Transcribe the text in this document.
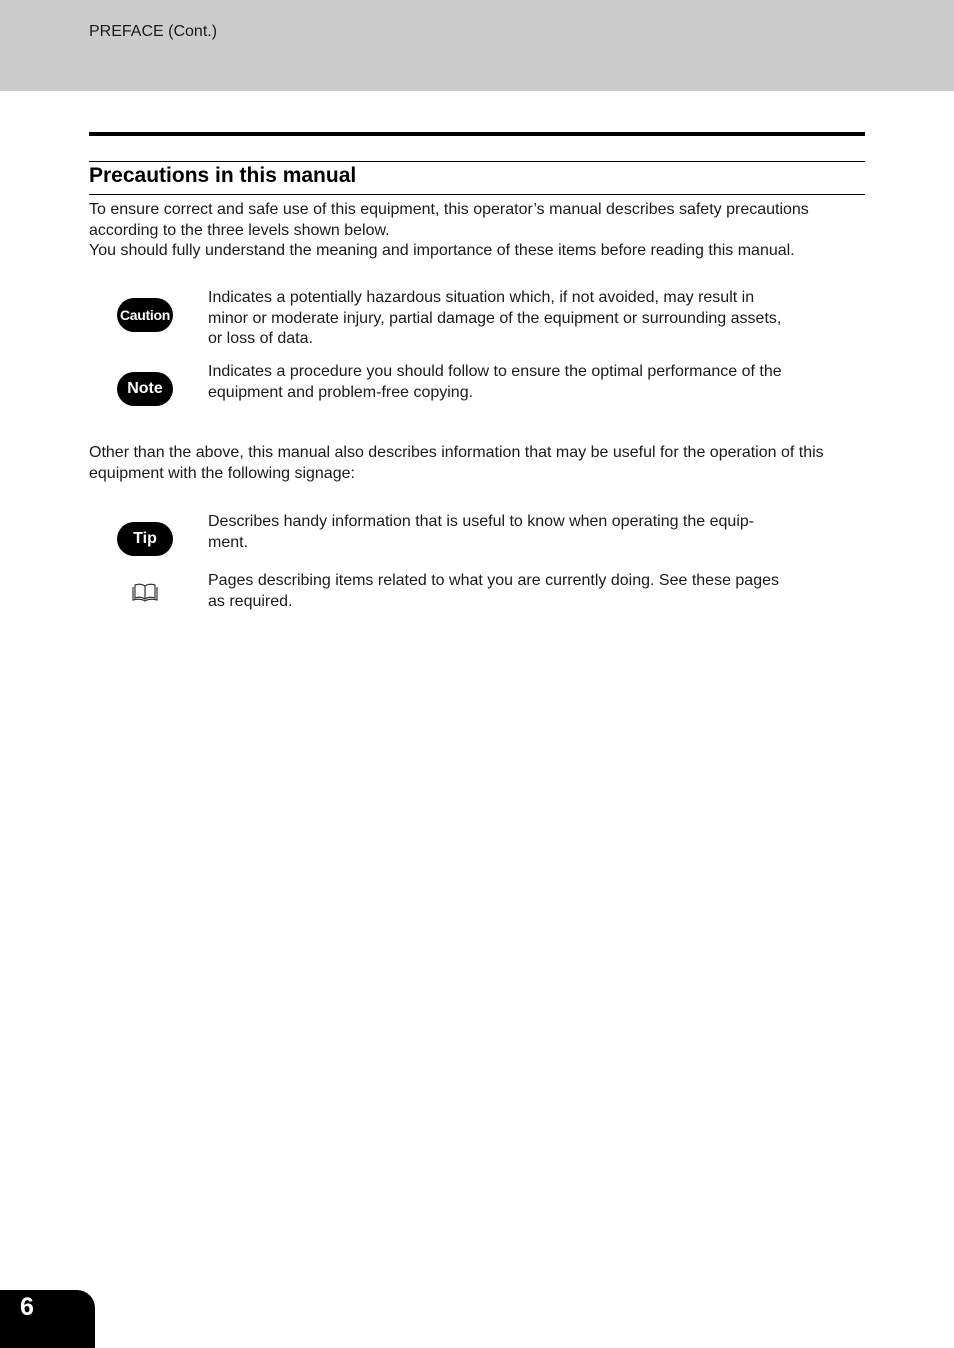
PREFACE (Cont.)
Precautions in this manual

To ensure correct and safe use of this equipment, this operator’s manual describes safety precautions according to the three levels shown below.

You should fully understand the meaning and importance of these items before reading this manual.

Caution
Indicates a potentially hazardous situation which, if not avoided, may result in minor or moderate injury, partial damage of the equipment or surrounding assets, or loss of data.
Note
Indicates a procedure you should follow to ensure the optimal performance of the equipment and problem-free copying.
Other than the above, this manual also describes information that may be useful for the operation of this equipment with the following signage:
Tip
Describes handy information that is useful to know when operating the equip-ment.
Pages describing items related to what you are currently doing. See these pages as required.
6
